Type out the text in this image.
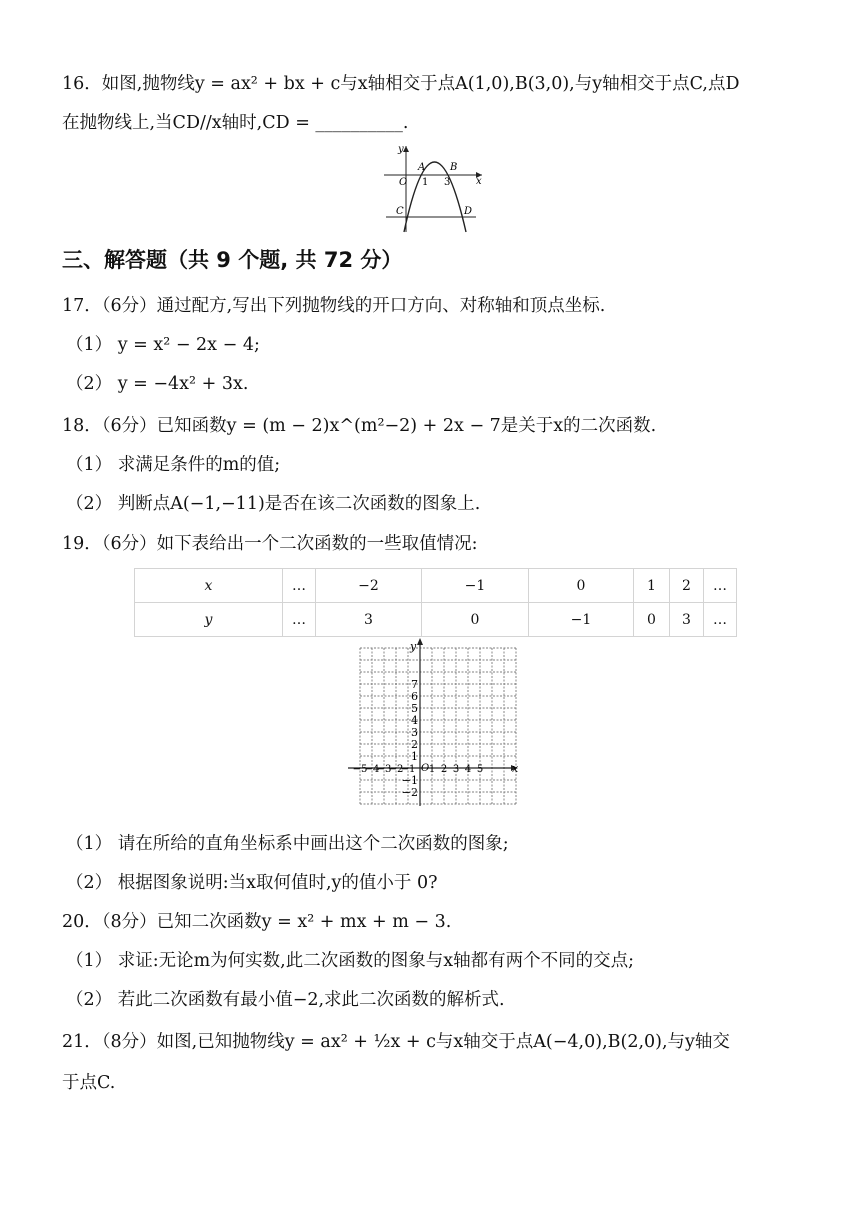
16．如图,抛物线y = ax² + bx + c与x轴相交于点A(1,0),B(3,0),与y轴相交于点C,点D
在抛物线上,当CD//x轴时,CD = __________.
y
x
O
A B
1 3
C	D
三、解答题（共 9 个题, 共 72 分）
17．（6分）通过配方,写出下列抛物线的开口方向、对称轴和顶点坐标.
（1） y = x² − 2x − 4;
（2） y = −4x² + 3x.
18．（6分）已知函数y = (m − 2)x^(m²−2) + 2x − 7是关于x的二次函数.
（1） 求满足条件的m的值;
（2） 判断点A(−1,−11)是否在该二次函数的图象上.
19．（6分）如下表给出一个二次函数的一些取值情况:
x	…	−2	−1	0	1	2	…
y	…	3	0	−1	0	3	…
y
x
O
7
6
5
4
3
2
1
−1
−2
−5
−4
−3
−2
−1 1 2 3 4 5
（1） 请在所给的直角坐标系中画出这个二次函数的图象;
（2） 根据图象说明:当x取何值时,y的值小于 0?
20．（8分）已知二次函数y = x² + mx + m − 3.
（1） 求证:无论m为何实数,此二次函数的图象与x轴都有两个不同的交点;
（2） 若此二次函数有最小值−2,求此二次函数的解析式.
21．（8分）如图,已知抛物线y = ax² + ½x + c与x轴交于点A(−4,0),B(2,0),与y轴交
于点C.
